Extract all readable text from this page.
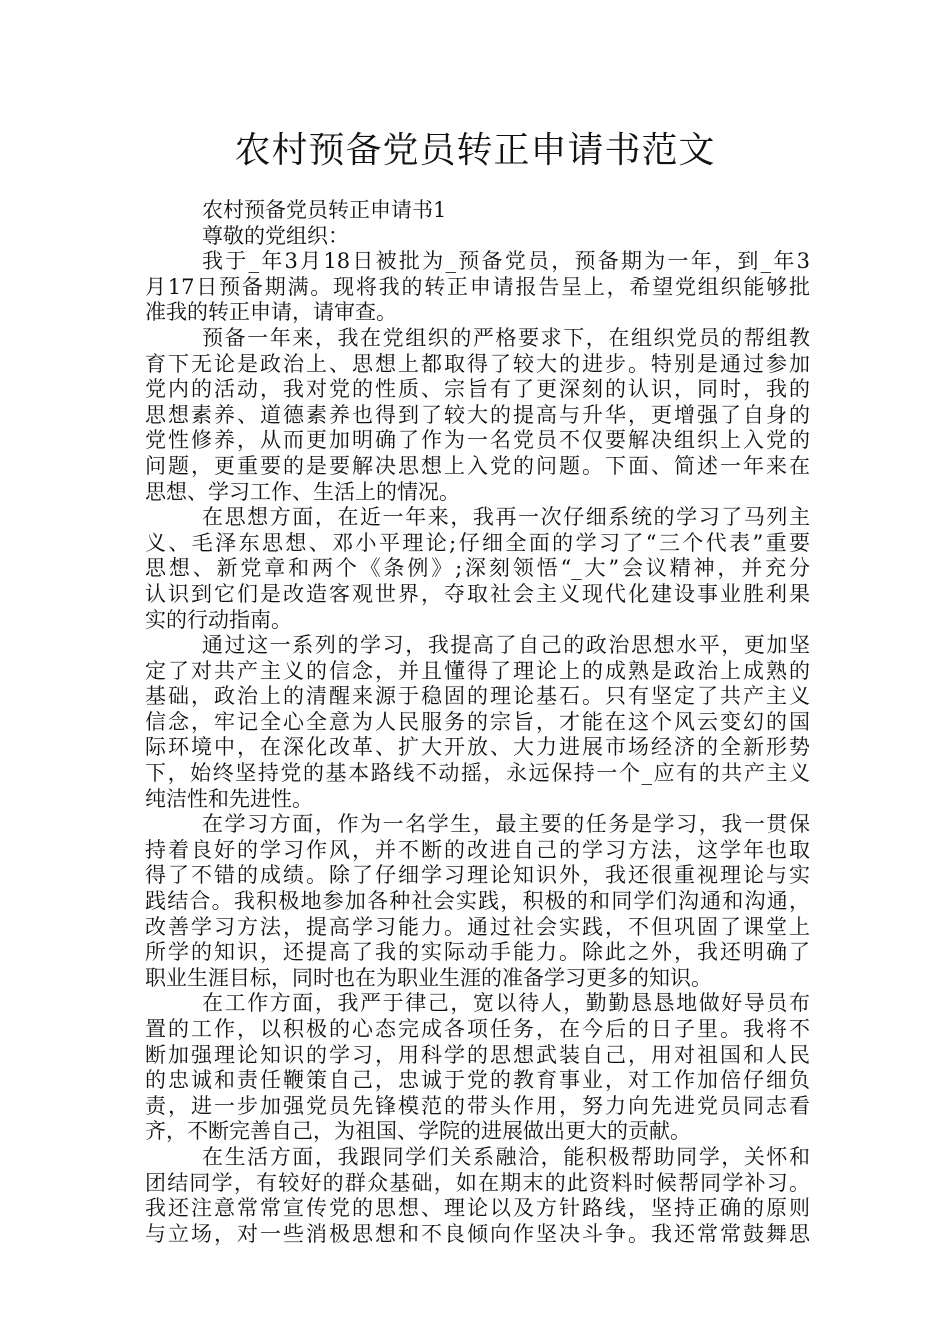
农村预备党员转正申请书范文
农村预备党员转正申请书1
尊敬的党组织：
我于_年3月18日被批为_预备党员，预备期为一年，到_年3
月17日预备期满。现将我的转正申请报告呈上，希望党组织能够批
准我的转正申请，请审查。
预备一年来，我在党组织的严格要求下，在组织党员的帮组教
育下无论是政治上、思想上都取得了较大的进步。特别是通过参加
党内的活动，我对党的性质、宗旨有了更深刻的认识，同时，我的
思想素养、道德素养也得到了较大的提高与升华，更增强了自身的
党性修养，从而更加明确了作为一名党员不仅要解决组织上入党的
问题，更重要的是要解决思想上入党的问题。下面、简述一年来在
思想、学习工作、生活上的情况。
在思想方面，在近一年来，我再一次仔细系统的学习了马列主
义、毛泽东思想、邓小平理论;仔细全面的学习了“三个代表”重要
思想、新党章和两个《条例》;深刻领悟“_大”会议精神，并充分
认识到它们是改造客观世界，夺取社会主义现代化建设事业胜利果
实的行动指南。
通过这一系列的学习，我提高了自己的政治思想水平，更加坚
定了对共产主义的信念，并且懂得了理论上的成熟是政治上成熟的
基础，政治上的清醒来源于稳固的理论基石。只有坚定了共产主义
信念，牢记全心全意为人民服务的宗旨，才能在这个风云变幻的国
际环境中，在深化改革、扩大开放、大力进展市场经济的全新形势
下，始终坚持党的基本路线不动摇，永远保持一个_应有的共产主义
纯洁性和先进性。
在学习方面，作为一名学生，最主要的任务是学习，我一贯保
持着良好的学习作风，并不断的改进自己的学习方法，这学年也取
得了不错的成绩。除了仔细学习理论知识外，我还很重视理论与实
践结合。我积极地参加各种社会实践，积极的和同学们沟通和沟通，
改善学习方法，提高学习能力。通过社会实践，不但巩固了课堂上
所学的知识，还提高了我的实际动手能力。除此之外，我还明确了
职业生涯目标，同时也在为职业生涯的准备学习更多的知识。
在工作方面，我严于律己，宽以待人，勤勤恳恳地做好导员布
置的工作，以积极的心态完成各项任务，在今后的日子里。我将不
断加强理论知识的学习，用科学的思想武装自己，用对祖国和人民
的忠诚和责任鞭策自己，忠诚于党的教育事业，对工作加倍仔细负
责，进一步加强党员先锋模范的带头作用，努力向先进党员同志看
齐，不断完善自己，为祖国、学院的进展做出更大的贡献。
在生活方面，我跟同学们关系融洽，能积极帮助同学，关怀和
团结同学，有较好的群众基础，如在期末的此资料时候帮同学补习。
我还注意常常宣传党的思想、理论以及方针路线，坚持正确的原则
与立场，对一些消极思想和不良倾向作坚决斗争。我还常常鼓舞思
